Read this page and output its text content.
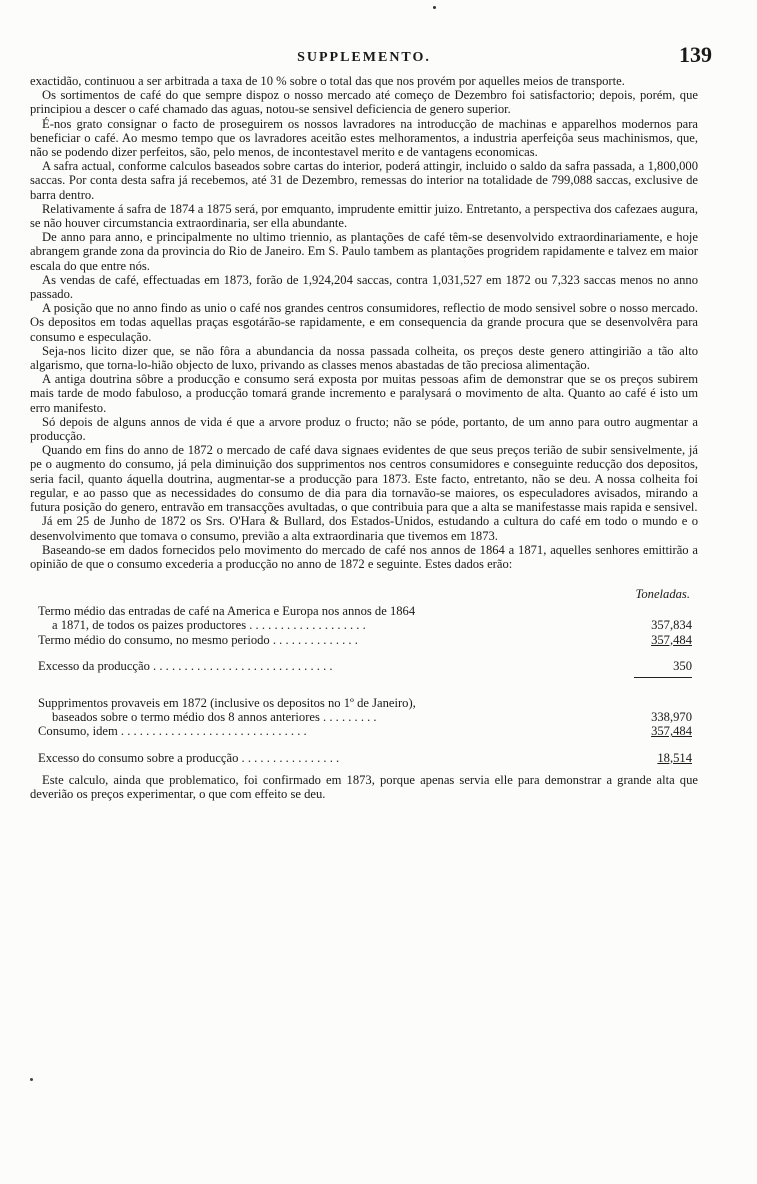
SUPPLEMENTO.	139

exactidão, continuou a ser arbitrada a taxa de 10 % sobre o total das que nos provém por aquelles meios de transporte.

Os sortimentos de café do que sempre dispoz o nosso mercado até começo de Dezembro foi satisfactorio; depois, porém, que principiou a descer o café chamado das aguas, notou-se sensivel deficiencia de genero superior.

É-nos grato consignar o facto de proseguirem os nossos lavradores na introducção de machinas e apparelhos modernos para beneficiar o café. Ao mesmo tempo que os lavradores aceitão estes melhoramentos, a industria aperfeiçôa seus machinismos, que, não se podendo dizer perfeitos, são, pelo menos, de incontestavel merito e de vantagens economicas.

A safra actual, conforme calculos baseados sobre cartas do interior, poderá attingir, incluido o saldo da safra passada, a 1,800,000 saccas. Por conta desta safra já recebemos, até 31 de Dezembro, remessas do interior na totalidade de 799,088 saccas, exclusive de barra dentro.

Relativamente á safra de 1874 a 1875 será, por emquanto, imprudente emittir juizo. Entretanto, a perspectiva dos cafezaes augura, se não houver circumstancia extraordinaria, ser ella abundante.

De anno para anno, e principalmente no ultimo triennio, as plantações de café têm-se desenvolvido extraordinariamente, e hoje abrangem grande zona da provincia do Rio de Janeiro. Em S. Paulo tambem as plantações progridem rapidamente e talvez em maior escala do que entre nós.

As vendas de café, effectuadas em 1873, forão de 1,924,204 saccas, contra 1,031,527 em 1872 ou 7,323 saccas menos no anno passado.

A posição que no anno findo as unio o café nos grandes centros consumidores, reflectio de modo sensivel sobre o nosso mercado. Os depositos em todas aquellas praças esgotárão-se rapidamente, e em consequencia da grande procura que se desenvolvêra para consumo e especulação.

Seja-nos licito dizer que, se não fôra a abundancia da nossa passada colheita, os preços deste genero attingirião a tão alto algarismo, que torna-lo-hião objecto de luxo, privando as classes menos abastadas de tão preciosa alimentação.

A antiga doutrina sôbre a producção e consumo será exposta por muitas pessoas afim de demonstrar que se os preços subirem mais tarde de modo fabuloso, a producção tomará grande incremento e paralysará o movimento de alta. Quanto ao café é isto um erro manifesto.

Só depois de alguns annos de vida é que a arvore produz o fructo; não se póde, portanto, de um anno para outro augmentar a producção.

Quando em fins do anno de 1872 o mercado de café dava signaes evidentes de que seus preços terião de subir sensivelmente, já pe o augmento do consumo, já pela diminuição dos supprimentos nos centros consumidores e conseguinte reducção dos depositos, seria facil, quanto áquella doutrina, augmentar-se a producção para 1873. Este facto, entretanto, não se deu. A nossa colheita foi regular, e ao passo que as necessidades do consumo de dia para dia tornavão-se maiores, os especuladores avisados, mirando a futura posição do genero, entravão em transacções avultadas, o que contribuia para que a alta se manifestasse mais rapida e sensivel.

Já em 25 de Junho de 1872 os Srs. O'Hara & Bullard, dos Estados-Unidos, estudando a cultura do café em todo o mundo e o desenvolvimento que tomava o consumo, previão a alta extraordinaria que tivemos em 1873.

Baseando-se em dados fornecidos pelo movimento do mercado de café nos annos de 1864 a 1871, aquelles senhores emittirão a opinião de que o consumo excederia a producção no anno de 1872 e seguinte. Estes dados erão:

Toneladas.
Termo médio das entradas de café na America e Europa nos annos de 1864
a 1871, de todos os paizes productores . . . . . . . . . . . . . . . . . . .	357,834
Termo médio do consumo, no mesmo periodo . . . . . . . . . . . . . .	357,484
Excesso da producção . . . . . . . . . . . . . . . . . . . . . . . . . . . . .	350
Supprimentos provaveis em 1872 (inclusive os depositos no 1º de Janeiro),
baseados sobre o termo médio dos 8 annos anteriores . . . . . . . . .	338,970
Consumo, idem . . . . . . . . . . . . . . . . . . . . . . . . . . . . . .	357,484
Excesso do consumo sobre a producção . . . . . . . . . . . . . . . .	18,514

Este calculo, ainda que problematico, foi confirmado em 1873, porque apenas servia elle para demonstrar a grande alta que deverião os preços experimentar, o que com effeito se deu.
